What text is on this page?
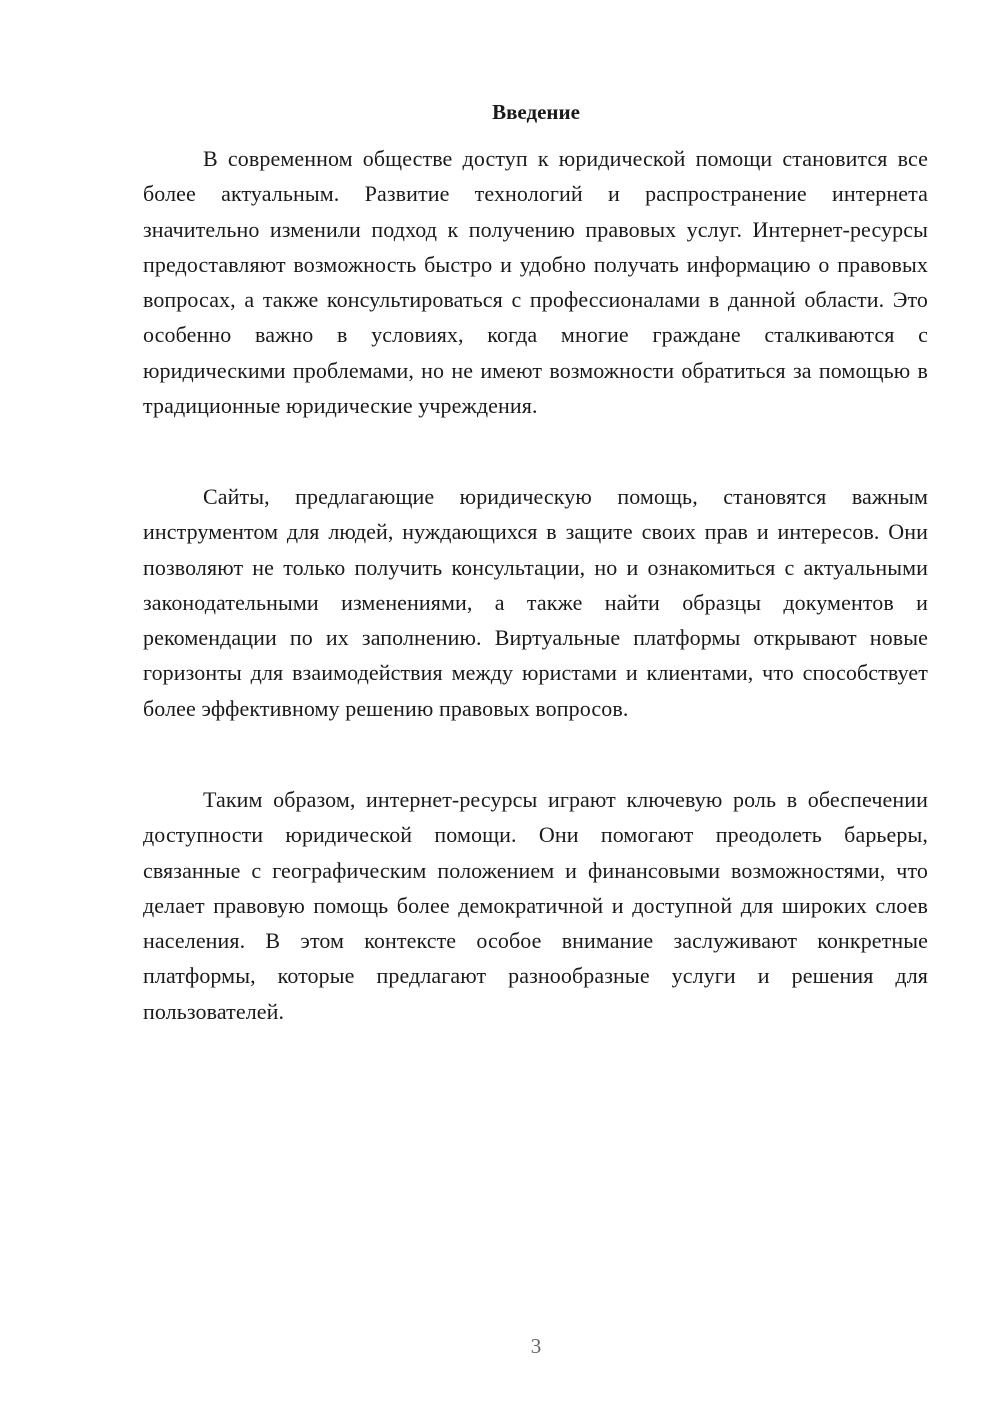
Введение

В современном обществе доступ к юридической помощи становится все более актуальным. Развитие технологий и распространение интернета значительно изменили подход к получению правовых услуг. Интернет-ресурсы предоставляют возможность быстро и удобно получать информацию о правовых вопросах, а также консультироваться с профессионалами в данной области. Это особенно важно в условиях, когда многие граждане сталкиваются с юридическими проблемами, но не имеют возможности обратиться за помощью в традиционные юридические учреждения.

Сайты, предлагающие юридическую помощь, становятся важным инструментом для людей, нуждающихся в защите своих прав и интересов. Они позволяют не только получить консультации, но и ознакомиться с актуальными законодательными изменениями, а также найти образцы документов и рекомендации по их заполнению. Виртуальные платформы открывают новые горизонты для взаимодействия между юристами и клиентами, что способствует более эффективному решению правовых вопросов.

Таким образом, интернет-ресурсы играют ключевую роль в обеспечении доступности юридической помощи. Они помогают преодолеть барьеры, связанные с географическим положением и финансовыми возможностями, что делает правовую помощь более демократичной и доступной для широких слоев населения. В этом контексте особое внимание заслуживают конкретные платформы, которые предлагают разнообразные услуги и решения для пользователей.

3
